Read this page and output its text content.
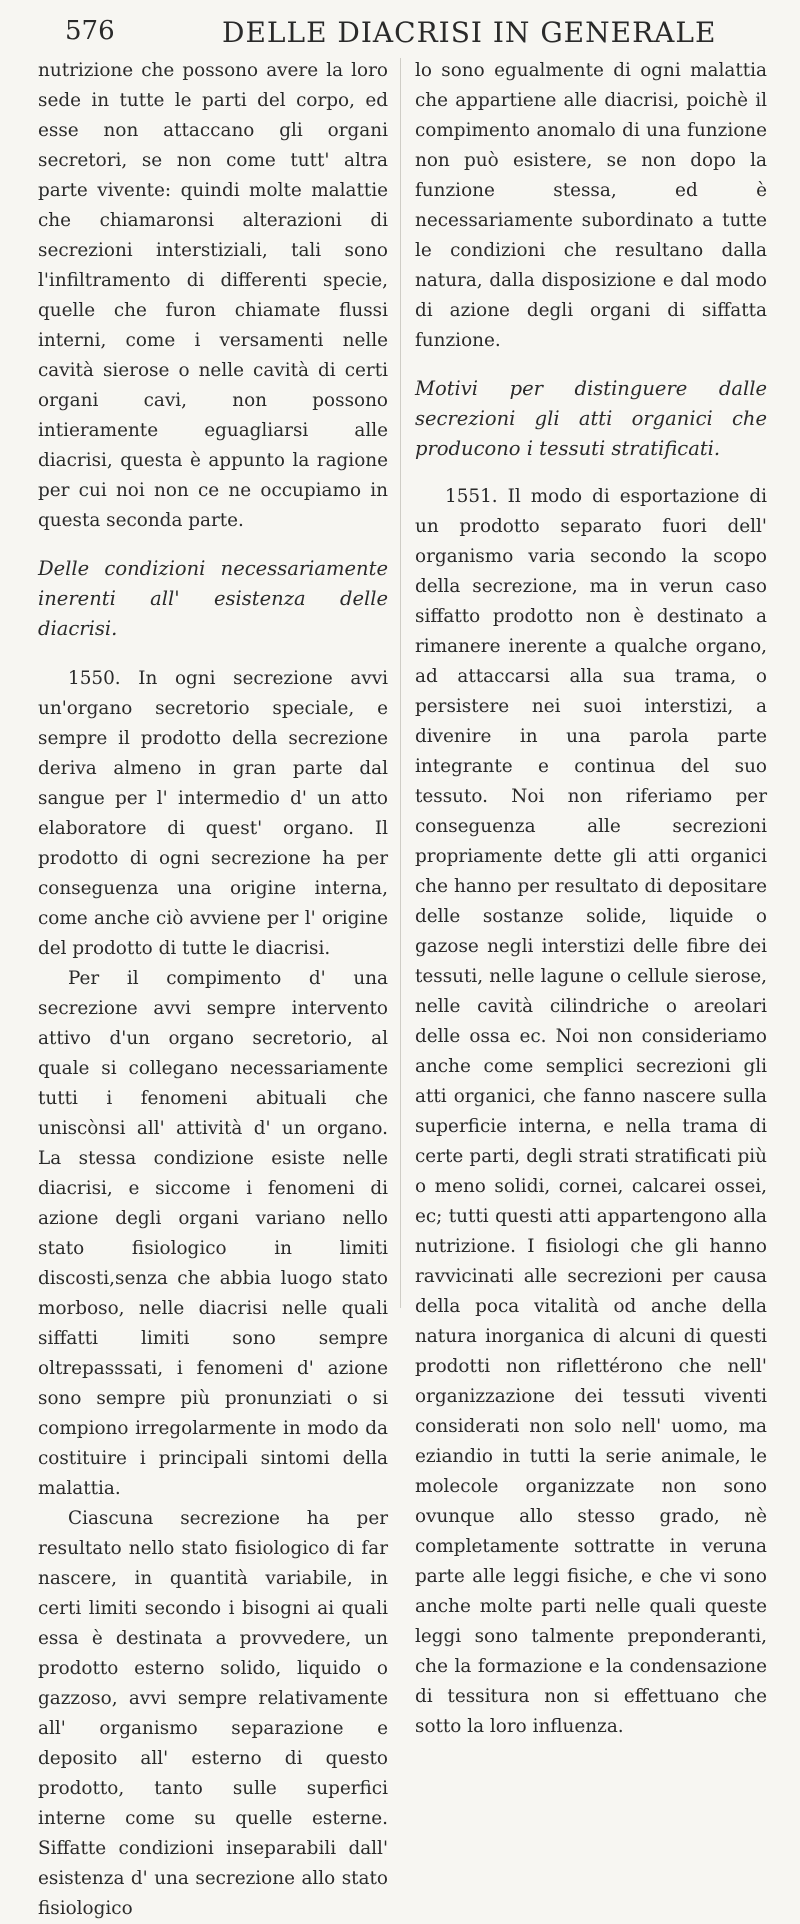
576	DELLE DIACRISI IN GENERALE

nutrizione che possono avere la loro sede in tutte le parti del corpo, ed esse non attaccano gli organi secretori, se non come tutt' altra parte vivente: quindi molte malattie che chiamaronsi alterazioni di secrezioni interstiziali, tali sono l'infiltramento di differenti specie, quelle che furon chiamate flussi interni, come i versamenti nelle cavità sierose o nelle cavità di certi organi cavi, non possono intieramente eguagliarsi alle diacrisi, questa è appunto la ragione per cui noi non ce ne occupiamo in questa seconda parte.

Delle condizioni necessariamente inerenti all' esistenza delle diacrisi.

1550. In ogni secrezione avvi un'organo secretorio speciale, e sempre il prodotto della secrezione deriva almeno in gran parte dal sangue per l' intermedio d' un atto elaboratore di quest' organo. Il prodotto di ogni secrezione ha per conseguenza una origine interna, come anche ciò avviene per l' origine del prodotto di tutte le diacrisi.

Per il compimento d' una secrezione avvi sempre intervento attivo d'un organo secretorio, al quale si collegano necessariamente tutti i fenomeni abituali che uniscònsi all' attività d' un organo. La stessa condizione esiste nelle diacrisi, e siccome i fenomeni di azione degli organi variano nello stato fisiologico in limiti discosti,senza che abbia luogo stato morboso, nelle diacrisi nelle quali siffatti limiti sono sempre oltrepasssati, i fenomeni d' azione sono sempre più pronunziati o si compiono irregolarmente in modo da costituire i principali sintomi della malattia.

Ciascuna secrezione ha per resultato nello stato fisiologico di far nascere, in quantità variabile, in certi limiti secondo i bisogni ai quali essa è destinata a provvedere, un prodotto esterno solido, liquido o gazzoso, avvi sempre relativamente all' organismo separazione e deposito all' esterno di questo prodotto, tanto sulle superfici interne come su quelle esterne. Siffatte condizioni inseparabili dall' esistenza d' una secrezione allo stato fisiologico

lo sono egualmente di ogni malattia che appartiene alle diacrisi, poichè il compimento anomalo di una funzione non può esistere, se non dopo la funzione stessa, ed è necessariamente subordinato a tutte le condizioni che resultano dalla natura, dalla disposizione e dal modo di azione degli organi di siffatta funzione.

Motivi per distinguere dalle secrezioni gli atti organici che producono i tessuti stratificati.

1551. Il modo di esportazione di un prodotto separato fuori dell' organismo varia secondo la scopo della secrezione, ma in verun caso siffatto prodotto non è destinato a rimanere inerente a qualche organo, ad attaccarsi alla sua trama, o persistere nei suoi interstizi, a divenire in una parola parte integrante e continua del suo tessuto. Noi non riferiamo per conseguenza alle secrezioni propriamente dette gli atti organici che hanno per resultato di depositare delle sostanze solide, liquide o gazose negli interstizi delle fibre dei tessuti, nelle lagune o cellule sierose, nelle cavità cilindriche o areolari delle ossa ec. Noi non consideriamo anche come semplici secrezioni gli atti organici, che fanno nascere sulla superficie interna, e nella trama di certe parti, degli strati stratificati più o meno solidi, cornei, calcarei ossei, ec; tutti questi atti appartengono alla nutrizione. I fisiologi che gli hanno ravvicinati alle secrezioni per causa della poca vitalità od anche della natura inorganica di alcuni di questi prodotti non riflettérono che nell' organizzazione dei tessuti viventi considerati non solo nell' uomo, ma eziandio in tutti la serie animale, le molecole organizzate non sono ovunque allo stesso grado, nè completamente sottratte in veruna parte alle leggi fisiche, e che vi sono anche molte parti nelle quali queste leggi sono talmente preponderanti, che la formazione e la condensazione di tessitura non si effettuano che sotto la loro influenza.
